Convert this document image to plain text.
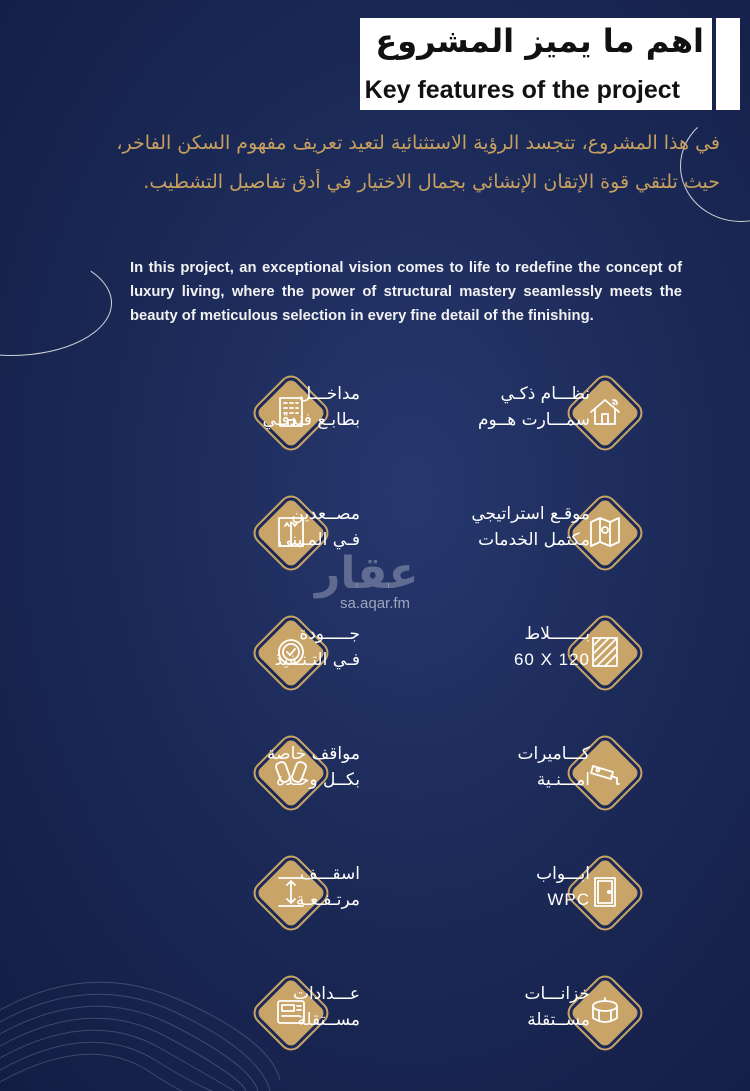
اهم ما يميز المشروع
Key features of the project
في هذا المشروع، تتجسد الرؤية الاستثنائية لتعيد تعريف مفهوم السكن الفاخر، حيث تلتقي قوة الإتقان الإنشائي بجمال الاختيار في أدق تفاصيل التشطيب.
In this project, an exceptional vision comes to life to redefine the concept of luxury living, where the power of structural mastery seamlessly meets the beauty of meticulous selection in every fine detail of the finishing.
نظـــام ذكـي
سمـــارت هــوم
مداخـــل
بطابـع فندقـي
موقـع استراتيجي
مكتمل الخدمات
مصــعدين
فـي المـبنى
بـــــــلاط
60 X 120
جـــــودة
فـي التـنـفيذ
كـــاميرات
امـــنـية
مواقف خاصة
بكــل وحـدة
ابـــواب
WPC
اسقـــف
مرتـفـعـة
خزانـــات
مســتقلة
عـــدادات
مســتقلة
عقار
sa.aqar.fm
